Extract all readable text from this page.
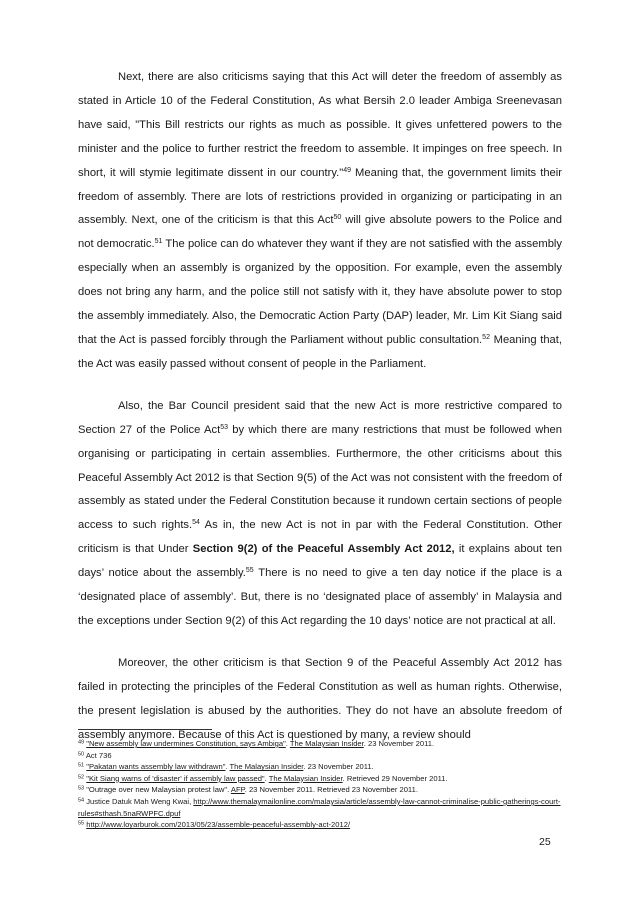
Next, there are also criticisms saying that this Act will deter the freedom of assembly as stated in Article 10 of the Federal Constitution, As what Bersih 2.0 leader Ambiga Sreenevasan have said, "This Bill restricts our rights as much as possible. It gives unfettered powers to the minister and the police to further restrict the freedom to assemble. It impinges on free speech. In short, it will stymie legitimate dissent in our country."$^{49}$ Meaning that, the government limits their freedom of assembly. There are lots of restrictions provided in organizing or participating in an assembly. Next, one of the criticism is that this Act$^{50}$ will give absolute powers to the Police and not democratic.$^{51}$ The police can do whatever they want if they are not satisfied with the assembly especially when an assembly is organized by the opposition. For example, even the assembly does not bring any harm, and the police still not satisfy with it, they have absolute power to stop the assembly immediately. Also, the Democratic Action Party (DAP) leader, Mr. Lim Kit Siang said that the Act is passed forcibly through the Parliament without public consultation.$^{52}$ Meaning that, the Act was easily passed without consent of people in the Parliament.

Also, the Bar Council president said that the new Act is more restrictive compared to Section 27 of the Police Act$^{53}$ by which there are many restrictions that must be followed when organising or participating in certain assemblies. Furthermore, the other criticisms about this Peaceful Assembly Act 2012 is that Section 9(5) of the Act was not consistent with the freedom of assembly as stated under the Federal Constitution because it rundown certain sections of people access to such rights.$^{54}$ As in, the new Act is not in par with the Federal Constitution. Other criticism is that Under Section 9(2) of the Peaceful Assembly Act 2012, it explains about ten days’ notice about the assembly.$^{55}$ There is no need to give a ten day notice if the place is a ‘designated place of assembly’. But, there is no ‘designated place of assembly’ in Malaysia and the exceptions under Section 9(2) of this Act regarding the 10 days’ notice are not practical at all.

Moreover, the other criticism is that Section 9 of the Peaceful Assembly Act 2012 has failed in protecting the principles of the Federal Constitution as well as human rights. Otherwise, the present legislation is abused by the authorities. They do not have an absolute freedom of assembly anymore. Because of this Act is questioned by many, a review should

$^{49}$ "New assembly law undermines Constitution, says Ambiga". The Malaysian Insider. 23 November 2011.

$^{50}$ Act 736

$^{51}$ "Pakatan wants assembly law withdrawn". The Malaysian Insider. 23 November 2011.

$^{52}$ "Kit Siang warns of 'disaster' if assembly law passed". The Malaysian Insider. Retrieved 29 November 2011.

$^{53}$ "Outrage over new Malaysian protest law". AFP. 23 November 2011. Retrieved 23 November 2011.

$^{54}$ Justice Datuk Mah Weng Kwai, http://www.themalaymailonline.com/malaysia/article/assembly-law-cannot-criminalise-public-gatherings-court-rules#sthash.5naRWPFC.dpuf

$^{55}$ http://www.loyarburok.com/2013/05/23/assemble-peaceful-assembly-act-2012/

25
